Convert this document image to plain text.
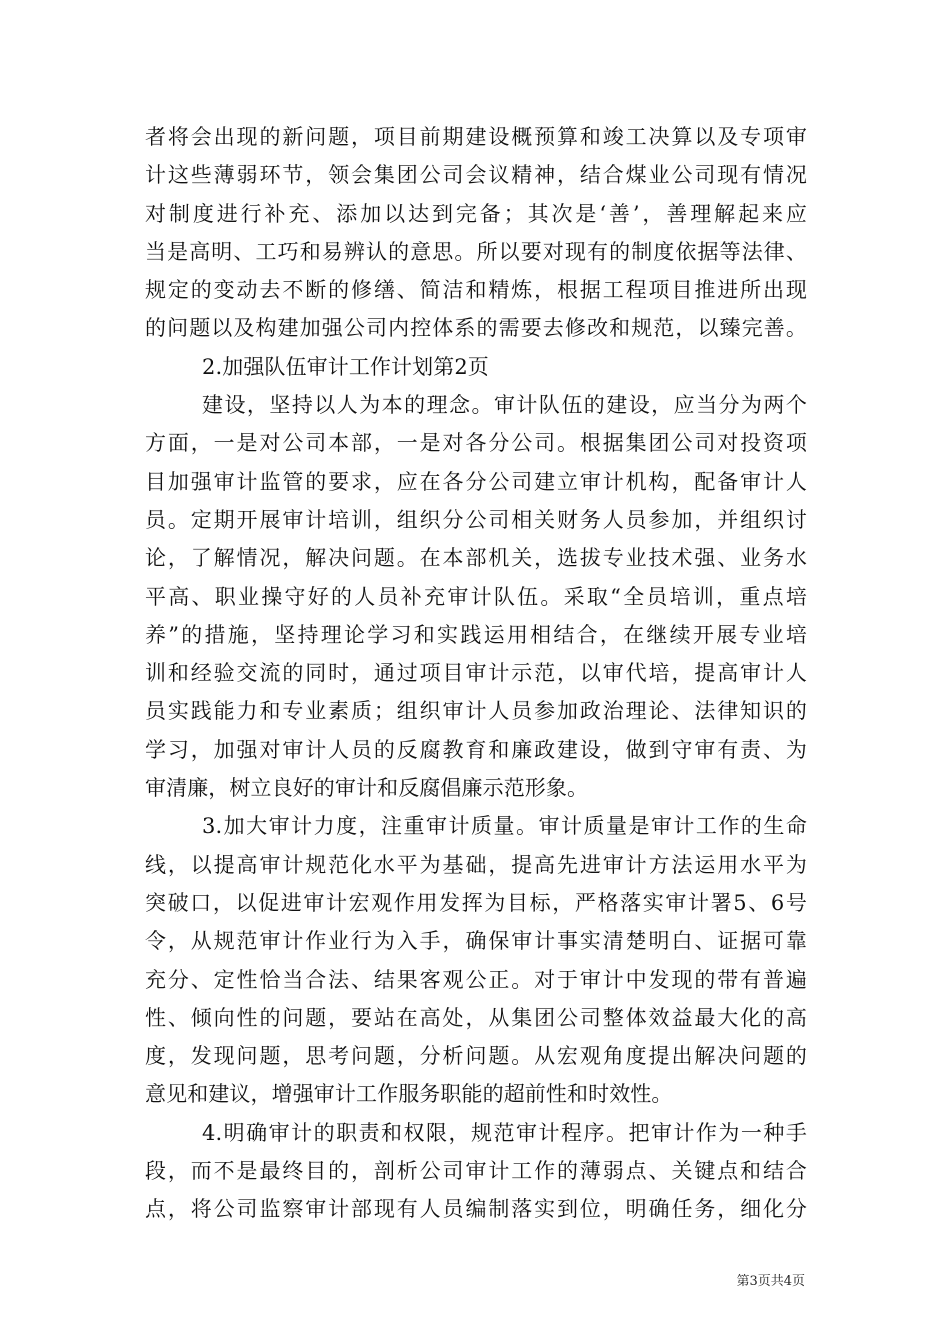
者将会出现的新问题，项目前期建设概预算和竣工决算以及专项审
计这些薄弱环节，领会集团公司会议精神，结合煤业公司现有情况
对制度进行补充、添加以达到完备；其次是‘善’，善理解起来应
当是高明、工巧和易辨认的意思。所以要对现有的制度依据等法律、
规定的变动去不断的修缮、简洁和精炼，根据工程项目推进所出现
的问题以及构建加强公司内控体系的需要去修改和规范，以臻完善。
2.加强队伍审计工作计划第2页
建设，坚持以人为本的理念。审计队伍的建设，应当分为两个
方面，一是对公司本部，一是对各分公司。根据集团公司对投资项
目加强审计监管的要求，应在各分公司建立审计机构，配备审计人
员。定期开展审计培训，组织分公司相关财务人员参加，并组织讨
论，了解情况，解决问题。在本部机关，选拔专业技术强、业务水
平高、职业操守好的人员补充审计队伍。采取“全员培训，重点培
养”的措施，坚持理论学习和实践运用相结合，在继续开展专业培
训和经验交流的同时，通过项目审计示范，以审代培，提高审计人
员实践能力和专业素质；组织审计人员参加政治理论、法律知识的
学习，加强对审计人员的反腐教育和廉政建设，做到守审有责、为
审清廉，树立良好的审计和反腐倡廉示范形象。
3.加大审计力度，注重审计质量。审计质量是审计工作的生命
线，以提高审计规范化水平为基础，提高先进审计方法运用水平为
突破口，以促进审计宏观作用发挥为目标，严格落实审计署5、6号
令，从规范审计作业行为入手，确保审计事实清楚明白、证据可靠
充分、定性恰当合法、结果客观公正。对于审计中发现的带有普遍
性、倾向性的问题，要站在高处，从集团公司整体效益最大化的高
度，发现问题，思考问题，分析问题。从宏观角度提出解决问题的
意见和建议，增强审计工作服务职能的超前性和时效性。
4.明确审计的职责和权限，规范审计程序。把审计作为一种手
段，而不是最终目的，剖析公司审计工作的薄弱点、关键点和结合
点，将公司监察审计部现有人员编制落实到位，明确任务，细化分
第3页共4页
